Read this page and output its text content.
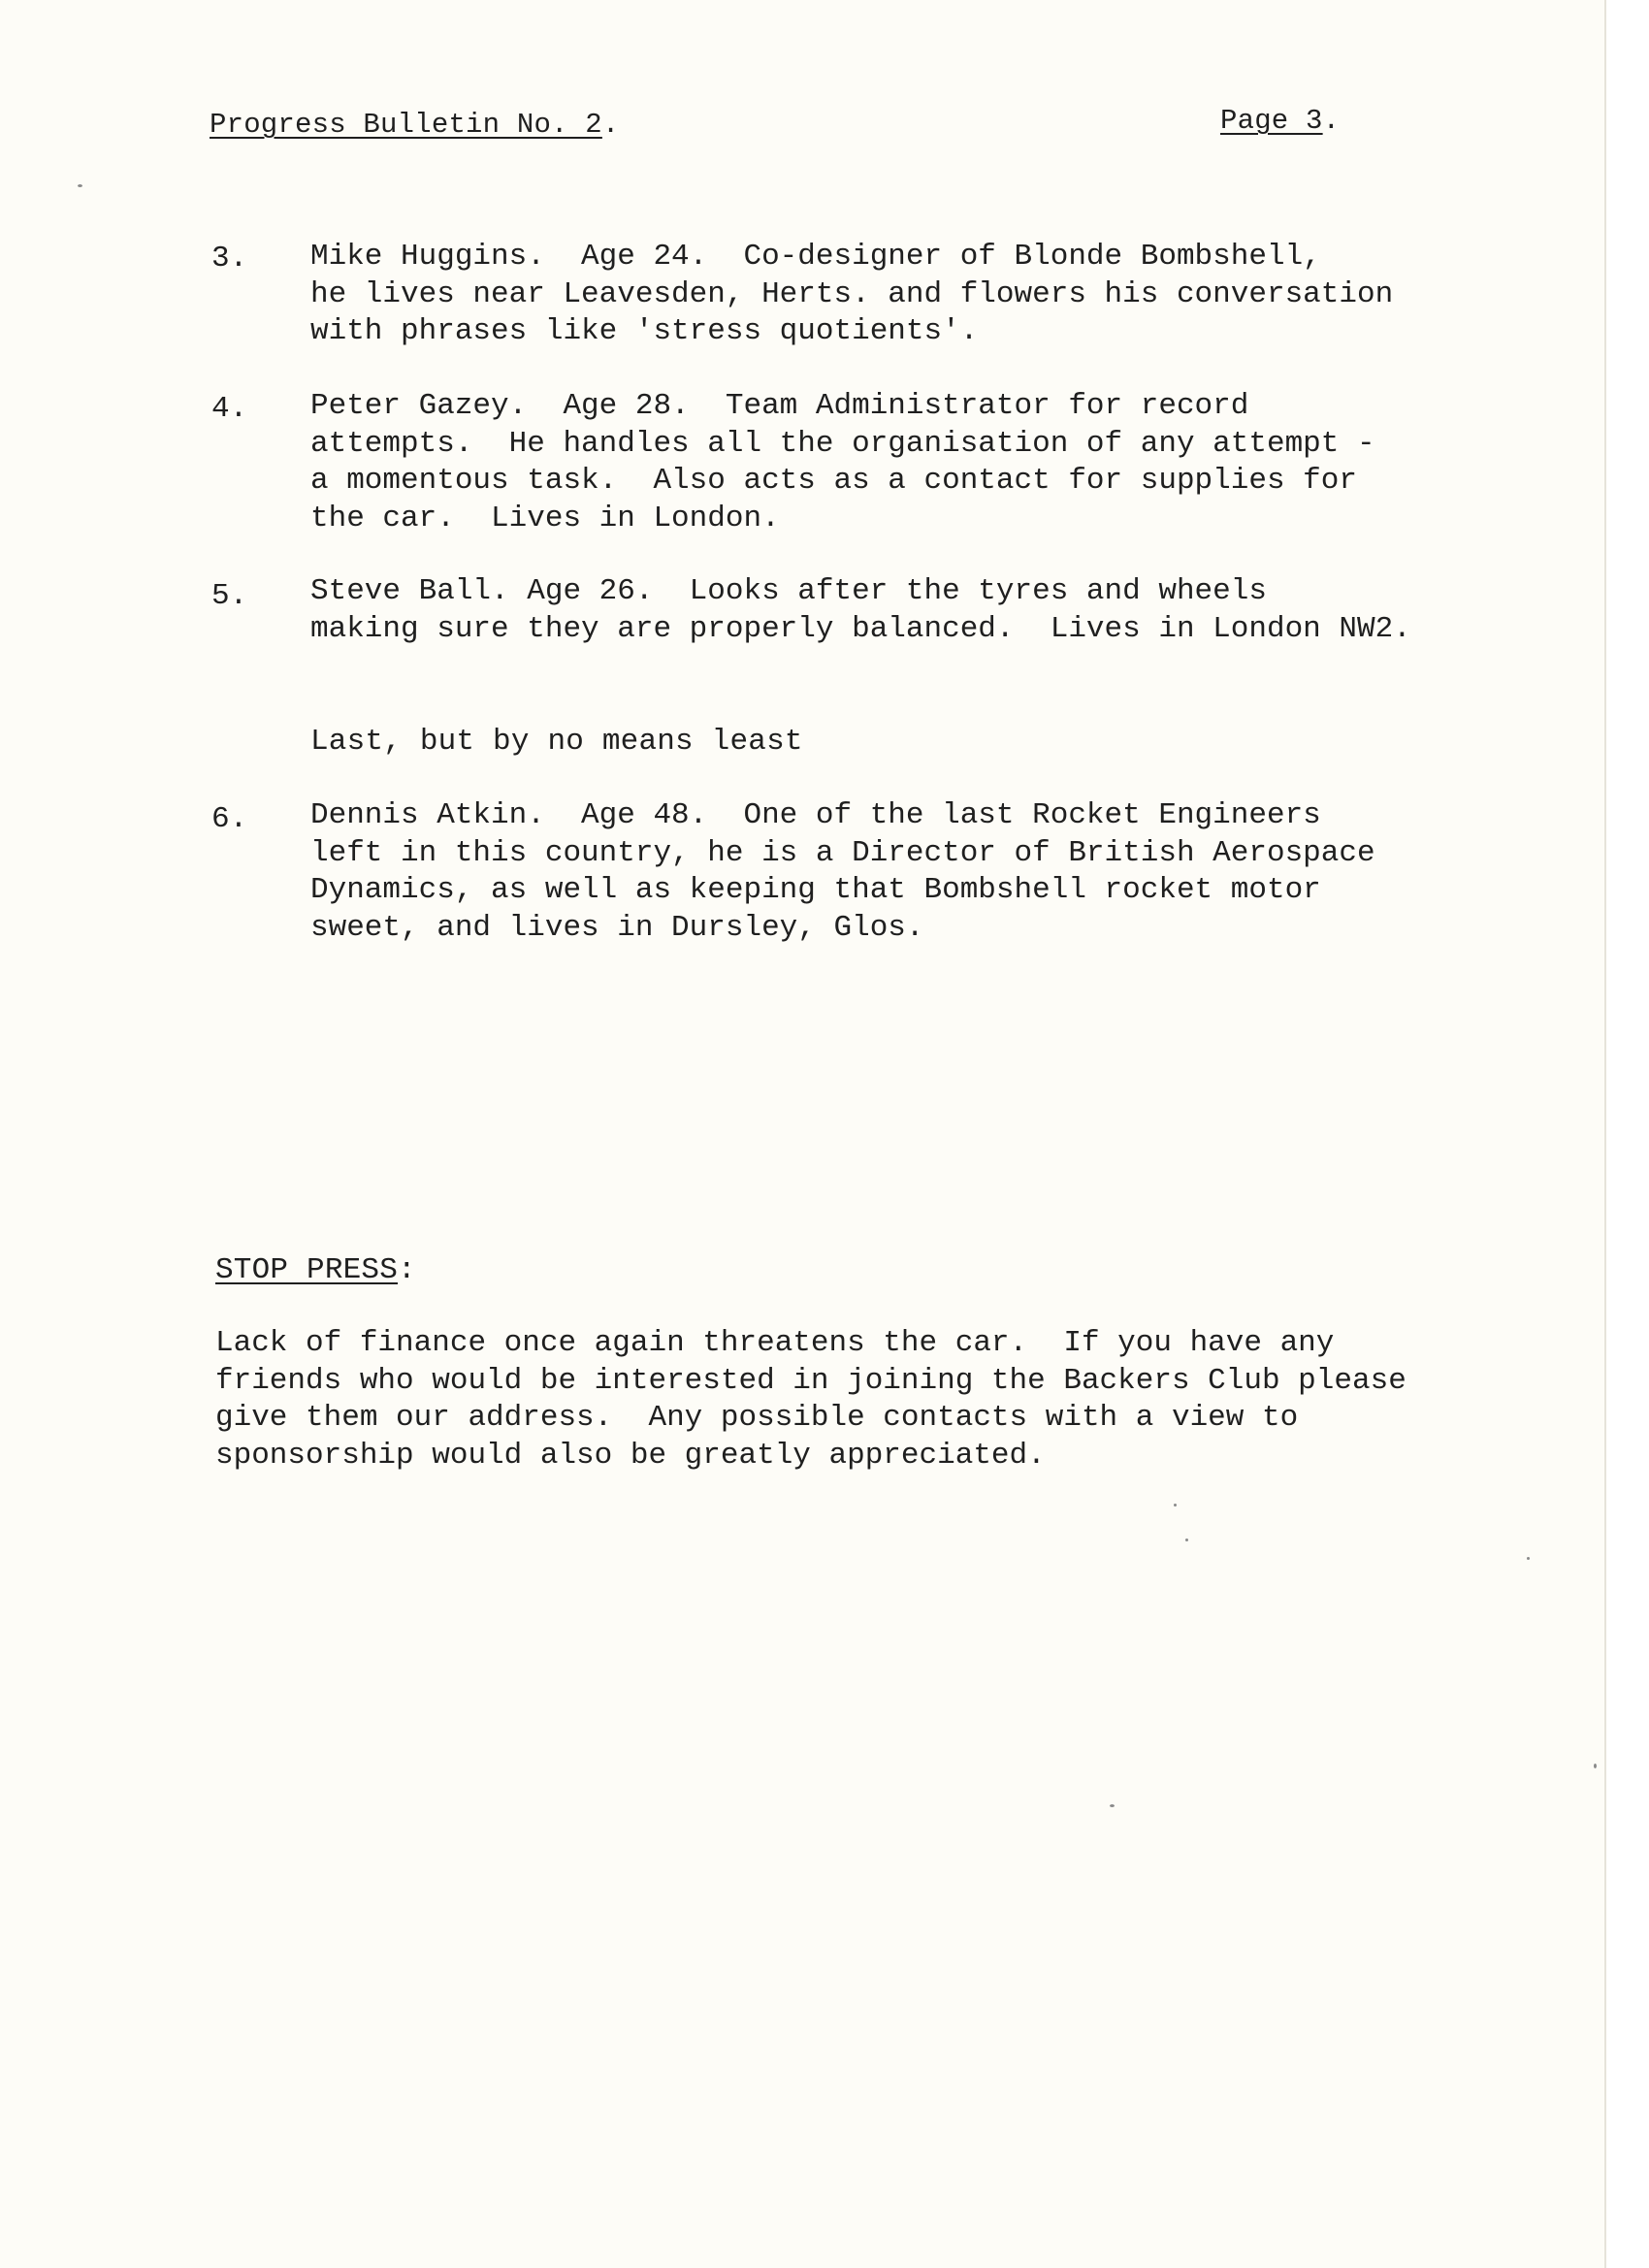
Progress Bulletin No. 2.	Page 3.
3. Mike Huggins.  Age 24.  Co-designer of Blonde Bombshell,
he lives near Leavesden, Herts. and flowers his conversation
with phrases like 'stress quotients'.
4. Peter Gazey.  Age 28.  Team Administrator for record
attempts.  He handles all the organisation of any attempt -
a momentous task.  Also acts as a contact for supplies for
the car.  Lives in London.
5. Steve Ball. Age 26.  Looks after the tyres and wheels
making sure they are properly balanced.  Lives in London NW2.
Last, but by no means least
6. Dennis Atkin.  Age 48.  One of the last Rocket Engineers
left in this country, he is a Director of British Aerospace
Dynamics, as well as keeping that Bombshell rocket motor
sweet, and lives in Dursley, Glos.
STOP PRESS:
Lack of finance once again threatens the car.  If you have any
friends who would be interested in joining the Backers Club please
give them our address.  Any possible contacts with a view to
sponsorship would also be greatly appreciated.
